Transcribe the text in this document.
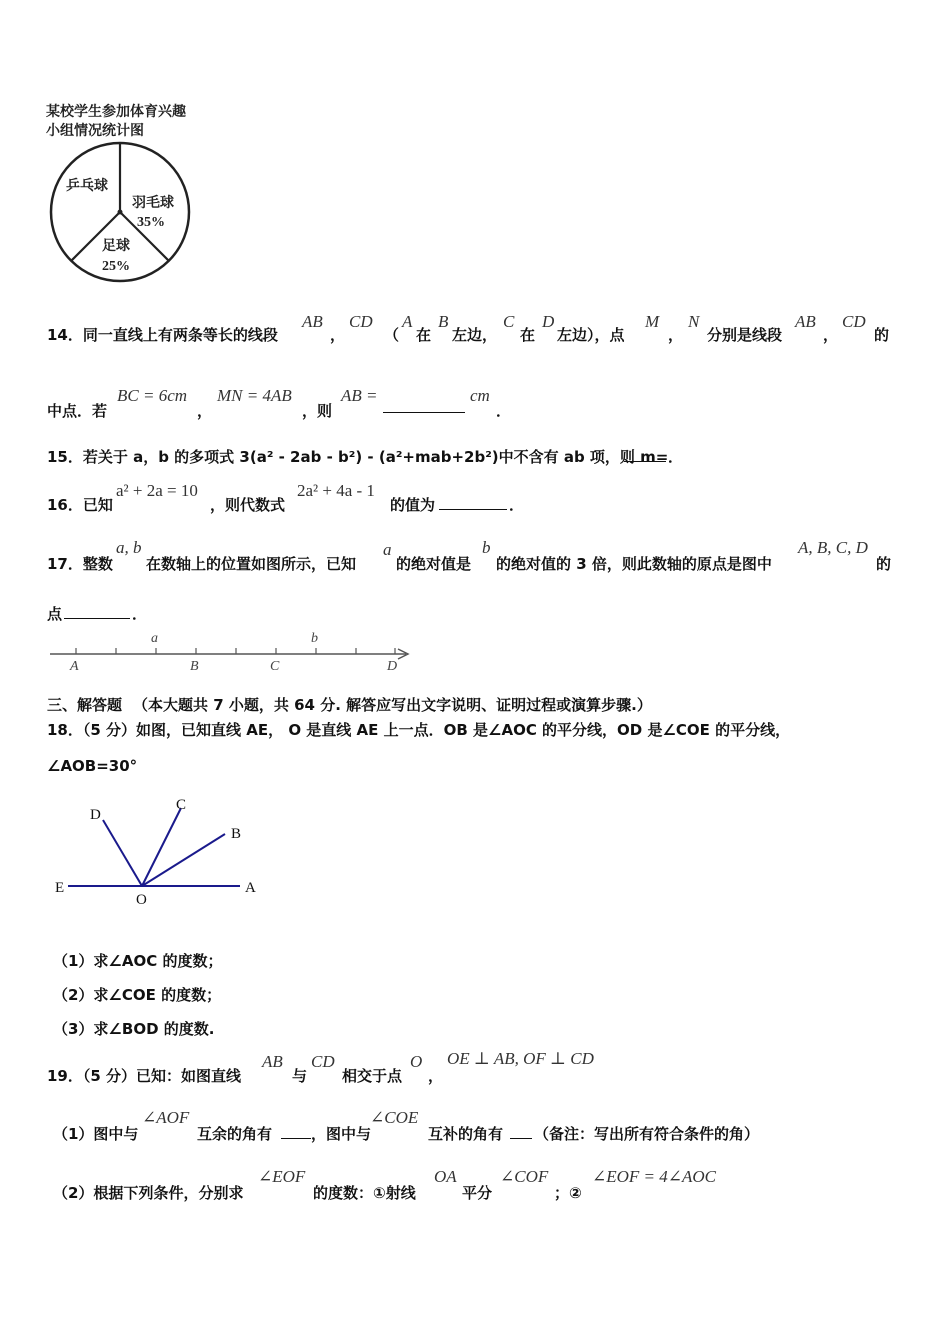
某校学生参加体育兴趣
小组情况统计图
乒乓球
羽毛球
35%
足球
25%
14．同一直线上有两条等长的线段
AB
，
CD
（
A
在
B
左边，
C
在
D
左边），点
M
，
N
分别是线段
AB
，
CD
的
中点．若
BC = 6cm
，
MN = 4AB
，则
AB =	cm
．
15．若关于 a，b 的多项式 3(a² ‐ 2ab ‐ b²) ‐ (a²+mab+2b²)中不含有 ab 项，则 m= ．
16．已知
a² + 2a = 10
，则代数式
2a² + 4a ‐ 1
的值为	．
17．整数
a, b
在数轴上的位置如图所示，已知
a
的绝对值是
b
的绝对值的 3 倍，则此数轴的原点是图中
A, B, C, D
的
点	．
a	b
A	B	C	D
三、解答题 （本大题共 7 小题，共 64 分. 解答应写出文字说明、证明过程或演算步骤.）
18．（5 分）如图，已知直线 AE， O 是直线 AE 上一点．OB 是∠AOC 的平分线，OD 是∠COE 的平分线，
∠AOB=30°
D
C
B
E
O
A
（1）求∠AOC 的度数；
（2）求∠COE 的度数；
（3）求∠BOD 的度数.
19．（5 分）已知：如图直线
AB
与
CD
相交于点
O
，
OE ⊥ AB, OF ⊥ CD
（1）图中与
∠AOF
互余的角有	，图中与
∠COE
互补的角有 （备注：写出所有符合条件的角）
（2）根据下列条件，分别求
∠EOF
的度数：①射线
OA
平分
∠COF
；②
∠EOF = 4∠AOC
